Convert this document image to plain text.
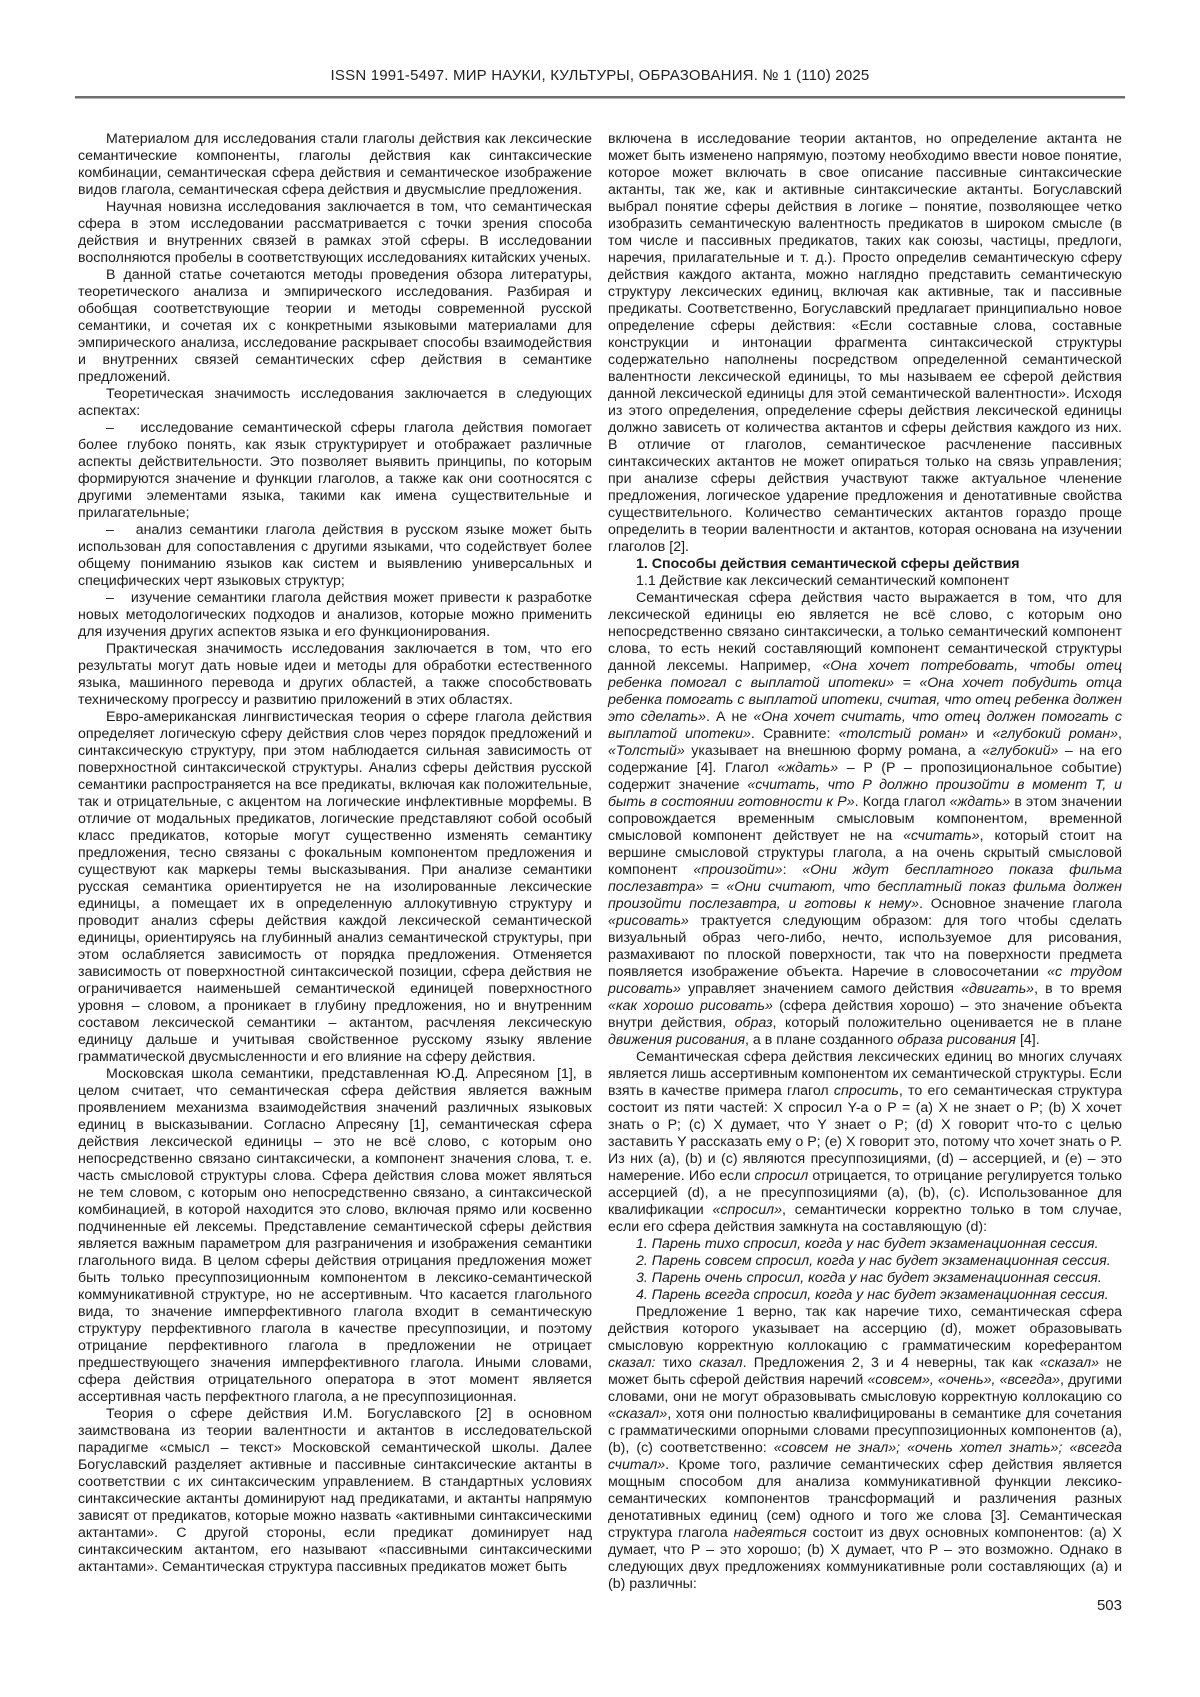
ISSN 1991-5497. МИР НАУКИ, КУЛЬТУРЫ, ОБРАЗОВАНИЯ. № 1 (110) 2025

Материалом для исследования стали глаголы действия как лексические семантические компоненты, глаголы действия как синтаксические комбинации, семантическая сфера действия и семантическое изображение видов глагола, семантическая сфера действия и двусмыслие предложения.

Научная новизна исследования заключается в том, что семантическая сфера в этом исследовании рассматривается с точки зрения способа действия и внутренних связей в рамках этой сферы. В исследовании восполняются пробелы в соответствующих исследованиях китайских ученых.

В данной статье сочетаются методы проведения обзора литературы, теоретического анализа и эмпирического исследования. Разбирая и обобщая соответствующие теории и методы современной русской семантики, и сочетая их с конкретными языковыми материалами для эмпирического анализа, исследование раскрывает способы взаимодействия и внутренних связей семантических сфер действия в семантике предложений.

Теоретическая значимость исследования заключается в следующих аспектах:

–   исследование семантической сферы глагола действия помогает более глубоко понять, как язык структурирует и отображает различные аспекты действительности. Это позволяет выявить принципы, по которым формируются значение и функции глаголов, а также как они соотносятся с другими элементами языка, такими как имена существительные и прилагательные;

–   анализ семантики глагола действия в русском языке может быть использован для сопоставления с другими языками, что содействует более общему пониманию языков как систем и выявлению универсальных и специфических черт языковых структур;

–   изучение семантики глагола действия может привести к разработке новых методологических подходов и анализов, которые можно применить для изучения других аспектов языка и его функционирования.

Практическая значимость исследования заключается в том, что его результаты могут дать новые идеи и методы для обработки естественного языка, машинного перевода и других областей, а также способствовать техническому прогрессу и развитию приложений в этих областях.

Евро-американская лингвистическая теория о сфере глагола действия определяет логическую сферу действия слов через порядок предложений и синтаксическую структуру, при этом наблюдается сильная зависимость от поверхностной синтаксической структуры. Анализ сферы действия русской семантики распространяется на все предикаты, включая как положительные, так и отрицательные, с акцентом на логические инфлективные морфемы. В отличие от модальных предикатов, логические представляют собой особый класс предикатов, которые могут существенно изменять семантику предложения, тесно связаны с фокальным компонентом предложения и существуют как маркеры темы высказывания. При анализе семантики русская семантика ориентируется не на изолированные лексические единицы, а помещает их в определенную аллокутивную структуру и проводит анализ сферы действия каждой лексической семантической единицы, ориентируясь на глубинный анализ семантической структуры, при этом ослабляется зависимость от порядка предложения. Отменяется зависимость от поверхностной синтаксической позиции, сфера действия не ограничивается наименьшей семантической единицей поверхностного уровня – словом, а проникает в глубину предложения, но и внутренним составом лексической семантики – актантом, расчленяя лексическую единицу дальше и учитывая свойственное русскому языку явление грамматической двусмысленности и его влияние на сферу действия.

Московская школа семантики, представленная Ю.Д. Апресяном [1], в целом считает, что семантическая сфера действия является важным проявлением механизма взаимодействия значений различных языковых единиц в высказывании. Согласно Апресяну [1], семантическая сфера действия лексической единицы – это не всё слово, с которым оно непосредственно связано синтаксически, а компонент значения слова, т. е. часть смысловой структуры слова. Сфера действия слова может являться не тем словом, с которым оно непосредственно связано, а синтаксической комбинацией, в которой находится это слово, включая прямо или косвенно подчиненные ей лексемы. Представление семантической сферы действия является важным параметром для разграничения и изображения семантики глагольного вида. В целом сферы действия отрицания предложения может быть только пресуппозиционным компонентом в лексико-семантической коммуникативной структуре, но не ассертивным. Что касается глагольного вида, то значение имперфективного глагола входит в семантическую структуру перфективного глагола в качестве пресуппозиции, и поэтому отрицание перфективного глагола в предложении не отрицает предшествующего значения имперфективного глагола. Иными словами, сфера действия отрицательного оператора в этот момент является ассертивная часть перфектного глагола, а не пресуппозиционная.

Теория о сфере действия И.М. Богуславского [2] в основном заимствована из теории валентности и актантов в исследовательской парадигме «смысл – текст» Московской семантической школы. Далее Богуславский разделяет активные и пассивные синтаксические актанты в соответствии с их синтаксическим управлением. В стандартных условиях синтаксические актанты доминируют над предикатами, и актанты напрямую зависят от предикатов, которые можно назвать «активными синтаксическими актантами». С другой стороны, если предикат доминирует над синтаксическим актантом, его называют «пассивными синтаксическими актантами». Семантическая структура пассивных предикатов может быть

включена в исследование теории актантов, но определение актанта не может быть изменено напрямую, поэтому необходимо ввести новое понятие, которое может включать в свое описание пассивные синтаксические актанты, так же, как и активные синтаксические актанты. Богуславский выбрал понятие сферы действия в логике – понятие, позволяющее четко изобразить семантическую валентность предикатов в широком смысле (в том числе и пассивных предикатов, таких как союзы, частицы, предлоги, наречия, прилагательные и т. д.). Просто определив семантическую сферу действия каждого актанта, можно наглядно представить семантическую структуру лексических единиц, включая как активные, так и пассивные предикаты. Соответственно, Богуславский предлагает принципиально новое определение сферы действия: «Если составные слова, составные конструкции и интонации фрагмента синтаксической структуры содержательно наполнены посредством определенной семантической валентности лексической единицы, то мы называем ее сферой действия данной лексической единицы для этой семантической валентности». Исходя из этого определения, определение сферы действия лексической единицы должно зависеть от количества актантов и сферы действия каждого из них. В отличие от глаголов, семантическое расчленение пассивных синтаксических актантов не может опираться только на связь управления; при анализе сферы действия участвуют также актуальное членение предложения, логическое ударение предложения и денотативные свойства существительного. Количество семантических актантов гораздо проще определить в теории валентности и актантов, которая основана на изучении глаголов [2].

1. Способы действия семантической сферы действия

1.1 Действие как лексический семантический компонент

Семантическая сфера действия часто выражается в том, что для лексической единицы ею является не всё слово, с которым оно непосредственно связано синтаксически, а только семантический компонент слова, то есть некий составляющий компонент семантической структуры данной лексемы. Например, «Она хочет потребовать, чтобы отец ребенка помогал с выплатой ипотеки» = «Она хочет побудить отца ребенка помогать с выплатой ипотеки, считая, что отец ребенка должен это сделать». А не «Она хочет считать, что отец должен помогать с выплатой ипотеки». Сравните: «толстый роман» и «глубокий роман», «Толстый» указывает на внешнюю форму романа, а «глубокий» – на его содержание [4]. Глагол «ждать» – P (P – пропозициональное событие) содержит значение «считать, что P должно произойти в момент T, и быть в состоянии готовности к P». Когда глагол «ждать» в этом значении сопровождается временным смысловым компонентом, временной смысловой компонент действует не на «считать», который стоит на вершине смысловой структуры глагола, а на очень скрытый смысловой компонент «произойти»: «Они ждут бесплатного показа фильма послезавтра» = «Они считают, что бесплатный показ фильма должен произойти послезавтра, и готовы к нему». Основное значение глагола «рисовать» трактуется следующим образом: для того чтобы сделать визуальный образ чего-либо, нечто, используемое для рисования, размахивают по плоской поверхности, так что на поверхности предмета появляется изображение объекта. Наречие в словосочетании «с трудом рисовать» управляет значением самого действия «двигать», в то время «как хорошо рисовать» (сфера действия хорошо) – это значение объекта внутри действия, образ, который положительно оценивается не в плане движения рисования, а в плане созданного образа рисования [4].

Семантическая сфера действия лексических единиц во многих случаях является лишь ассертивным компонентом их семантической структуры. Если взять в качестве примера глагол спросить, то его семантическая структура состоит из пяти частей: X спросил Y-а о P = (a) X не знает о P; (b) X хочет знать о P; (c) X думает, что Y знает о P; (d) X говорит что-то с целью заставить Y рассказать ему о P; (e) X говорит это, потому что хочет знать о P. Из них (a), (b) и (c) являются пресуппозициями, (d) – ассерцией, и (e) – это намерение. Ибо если спросил отрицается, то отрицание регулируется только ассерцией (d), а не пресуппозициями (a), (b), (c). Использованное для квалификации «спросил», семантически корректно только в том случае, если его сфера действия замкнута на составляющую (d):

1. Парень тихо спросил, когда у нас будет экзаменационная сессия.

2. Парень совсем спросил, когда у нас будет экзаменационная сессия.

3. Парень очень спросил, когда у нас будет экзаменационная сессия.

4. Парень всегда спросил, когда у нас будет экзаменационная сессия.

Предложение 1 верно, так как наречие тихо, семантическая сфера действия которого указывает на ассерцию (d), может образовывать смысловую корректную коллокацию с грамматическим кореферантом сказал: тихо сказал. Предложения 2, 3 и 4 неверны, так как «сказал» не может быть сферой действия наречий «совсем», «очень», «всегда», другими словами, они не могут образовывать смысловую корректную коллокацию со «сказал», хотя они полностью квалифицированы в семантике для сочетания с грамматическими опорными словами пресуппозиционных компонентов (a), (b), (c) соответственно: «совсем не знал»; «очень хотел знать»; «всегда считал». Кроме того, различие семантических сфер действия является мощным способом для анализа коммуникативной функции лексико-семантических компонентов трансформаций и различения разных денотативных единиц (сем) одного и того же слова [3]. Семантическая структура глагола надеяться состоит из двух основных компонентов: (a) X думает, что P – это хорошо; (b) X думает, что P – это возможно. Однако в следующих двух предложениях коммуникативные роли составляющих (a) и (b) различны:

503
